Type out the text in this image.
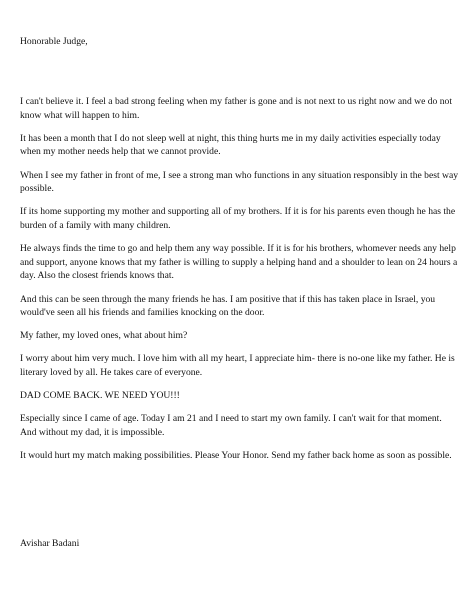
Honorable Judge,

I can't believe it. I feel a bad strong feeling when my father is gone and is not next to us right now and we do not know what will happen to him.

It has been a month that I do not sleep well at night, this thing hurts me in my daily activities especially today when my mother needs help that we cannot provide.

When I see my father in front of me, I see a strong man who functions in any situation responsibly in the best way possible.

If its home supporting my mother and supporting all of my brothers. If it is for his parents even though he has the burden of a family with many children.

He always finds the time to go and help them any way possible. If it is for his brothers, whomever needs any help and support, anyone knows that my father is willing to supply a helping hand and a shoulder to lean on 24 hours a day. Also the closest friends knows that.

And this can be seen through the many friends he has. I am positive that if this has taken place in Israel, you would've seen all his friends and families knocking on the door.

My father, my loved ones, what about him?

I worry about him very much. I love him with all my heart, I appreciate him- there is no-one like my father. He is literary loved by all. He takes care of everyone.

DAD COME BACK. WE NEED YOU!!!

Especially since I came of age. Today I am 21 and I need to start my own family. I can't wait for that moment. And without my dad, it is impossible.

It would hurt my match making possibilities. Please Your Honor. Send my father back home as soon as possible.

Avishar Badani
